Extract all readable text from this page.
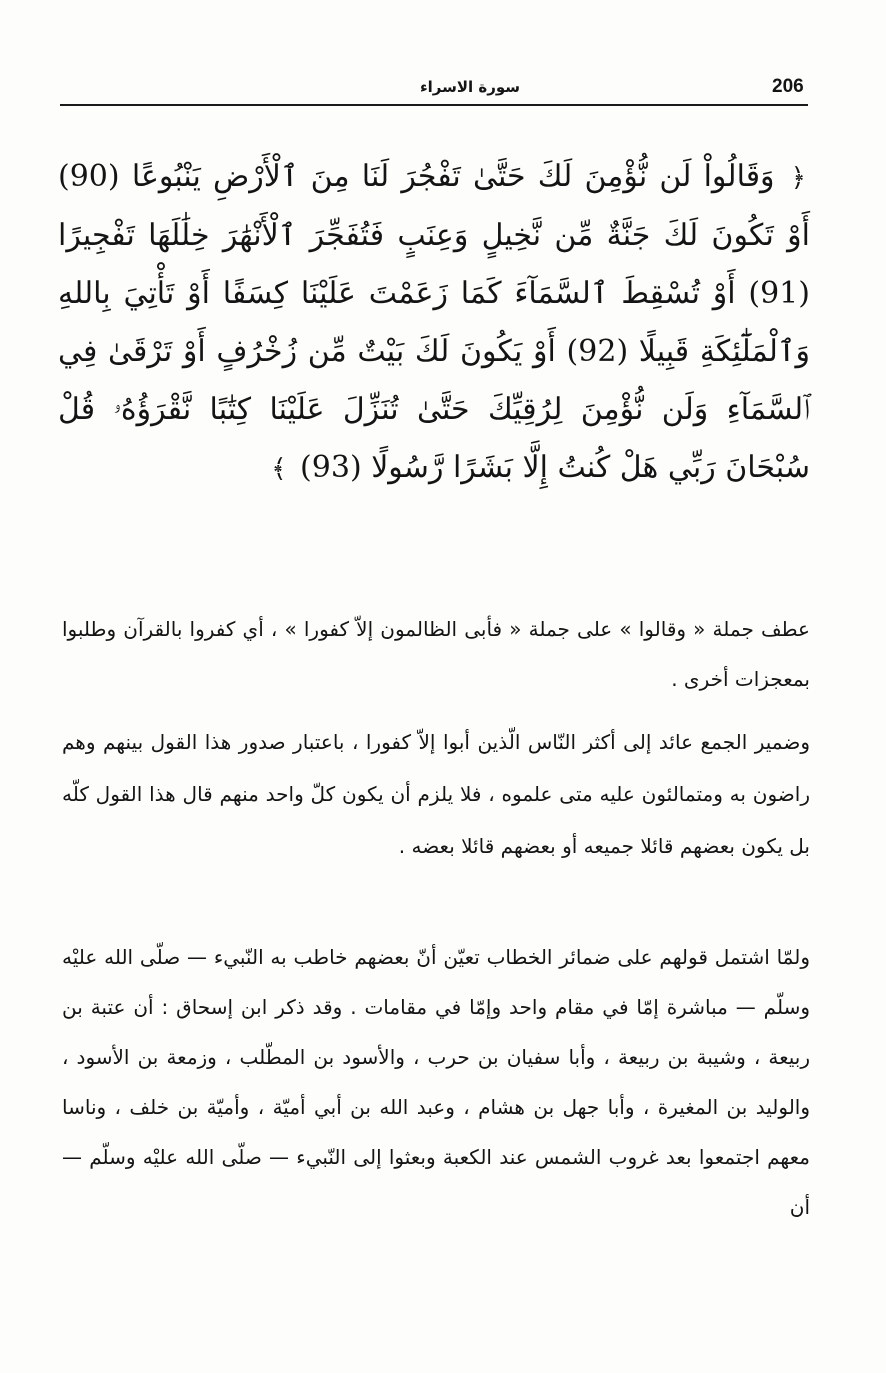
206
سورة الاسراء
﴿ وَقَالُواْ لَن نُّؤْمِنَ لَكَ حَتَّىٰ تَفْجُرَ لَنَا مِنَ ٱلْأَرْضِ يَنْبُوعًا (90) أَوْ تَكُونَ لَكَ جَنَّةٌ مِّن نَّخِيلٍ وَعِنَبٍ فَتُفَجِّرَ ٱلْأَنْهَٰرَ خِلَٰلَهَا تَفْجِيرًا (91) أَوْ تُسْقِطَ ٱلسَّمَآءَ كَمَا زَعَمْتَ عَلَيْنَا كِسَفًا أَوْ تَأْتِيَ بِاللهِ وَٱلْمَلَٰٓئِكَةِ قَبِيلًا (92) أَوْ يَكُونَ لَكَ بَيْتٌ مِّن زُخْرُفٍ أَوْ تَرْقَىٰ فِي ٱلسَّمَآءِ وَلَن نُّؤْمِنَ لِرُقِيِّكَ حَتَّىٰ تُنَزِّلَ عَلَيْنَا كِتَٰبًا نَّقْرَؤُهُۥ قُلْ سُبْحَانَ رَبِّي هَلْ كُنتُ إِلَّا بَشَرًا رَّسُولًا (93) ﴾
عطف جملة « وقالوا » على جملة « فأبى الظالمون إلاّ كفورا » ، أي كفروا بالقرآن وطلبوا بمعجزات أخرى .
وضمير الجمع عائد إلى أكثر النّاس الّذين أبوا إلاّ كفورا ، باعتبار صدور هذا القول بينهم وهم راضون به ومتمالئون عليه متى علموه ، فلا يلزم أن يكون كلّ واحد منهم قال هذا القول كلّه بل يكون بعضهم قائلا جميعه أو بعضهم قائلا بعضه .
ولمّا اشتمل قولهم على ضمائر الخطاب تعيّن أنّ بعضهم خاطب به النّبيء — صلّى الله عليْه وسلّم — مباشرة إمّا في مقام واحد وإمّا في مقامات . وقد ذكر ابن إسحاق : أن عتبة بن ربيعة ، وشيبة بن ربيعة ، وأبا سفيان بن حرب ، والأسود بن المطّلب ، وزمعة بن الأسود ، والوليد بن المغيرة ، وأبا جهل بن هشام ، وعبد الله بن أبي أميّة ، وأميّة بن خلف ، وناسا معهم اجتمعوا بعد غروب الشمس عند الكعبة وبعثوا إلى النّبيء — صلّى الله عليْه وسلّم — أن
